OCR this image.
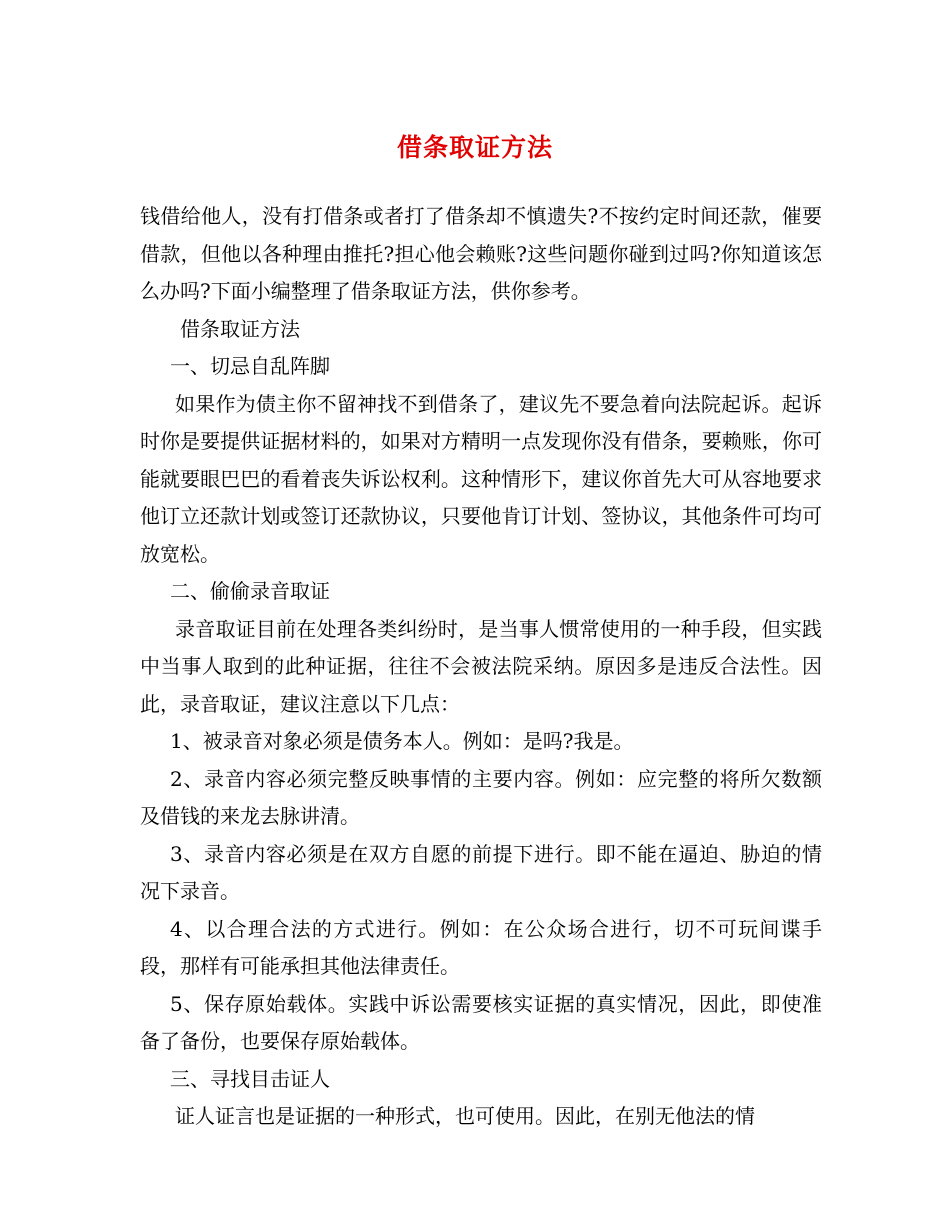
借条取证方法

钱借给他人，没有打借条或者打了借条却不慎遗失?不按约定时间还款，催要借款，但他以各种理由推托?担心他会赖账?这些问题你碰到过吗?你知道该怎么办吗?下面小编整理了借条取证方法，供你参考。

借条取证方法

一、切忌自乱阵脚

如果作为债主你不留神找不到借条了，建议先不要急着向法院起诉。起诉时你是要提供证据材料的，如果对方精明一点发现你没有借条，要赖账，你可能就要眼巴巴的看着丧失诉讼权利。这种情形下，建议你首先大可从容地要求他订立还款计划或签订还款协议，只要他肯订计划、签协议，其他条件可均可放宽松。

二、偷偷录音取证

录音取证目前在处理各类纠纷时，是当事人惯常使用的一种手段，但实践中当事人取到的此种证据，往往不会被法院采纳。原因多是违反合法性。因此，录音取证，建议注意以下几点：

1、被录音对象必须是债务本人。例如：是吗?我是。

2、录音内容必须完整反映事情的主要内容。例如：应完整的将所欠数额及借钱的来龙去脉讲清。

3、录音内容必须是在双方自愿的前提下进行。即不能在逼迫、胁迫的情况下录音。

4、以合理合法的方式进行。例如：在公众场合进行，切不可玩间谍手段，那样有可能承担其他法律责任。

5、保存原始载体。实践中诉讼需要核实证据的真实情况，因此，即使准备了备份，也要保存原始载体。

三、寻找目击证人

证人证言也是证据的一种形式，也可使用。因此，在别无他法的情
